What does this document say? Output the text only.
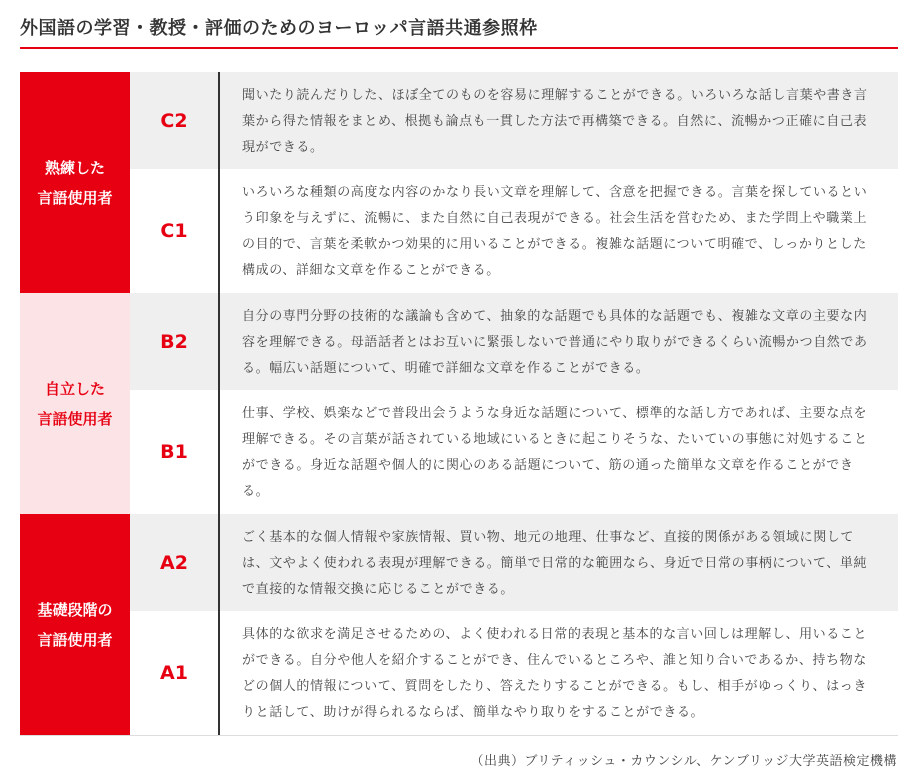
外国語の学習・教授・評価のためのヨーロッパ言語共通参照枠
熟練した
言語使用者
C2
聞いたり読んだりした、ほぼ全てのものを容易に理解することができる。いろいろな話し言葉や書き言葉から得た情報をまとめ、根拠も論点も一貫した方法で再構築できる。自然に、流暢かつ正確に自己表現ができる。
C1
いろいろな種類の高度な内容のかなり長い文章を理解して、含意を把握できる。言葉を探しているという印象を与えずに、流暢に、また自然に自己表現ができる。社会生活を営むため、また学問上や職業上の目的で、言葉を柔軟かつ効果的に用いることができる。複雑な話題について明確で、しっかりとした構成の、詳細な文章を作ることができる。
自立した
言語使用者
B2
自分の専門分野の技術的な議論も含めて、抽象的な話題でも具体的な話題でも、複雑な文章の主要な内容を理解できる。母語話者とはお互いに緊張しないで普通にやり取りができるくらい流暢かつ自然である。幅広い話題について、明確で詳細な文章を作ることができる。
B1
仕事、学校、娯楽などで普段出会うような身近な話題について、標準的な話し方であれば、主要な点を理解できる。その言葉が話されている地域にいるときに起こりそうな、たいていの事態に対処することができる。身近な話題や個人的に関心のある話題について、筋の通った簡単な文章を作ることができる。
基礎段階の
言語使用者
A2
ごく基本的な個人情報や家族情報、買い物、地元の地理、仕事など、直接的関係がある領域に関しては、文やよく使われる表現が理解できる。簡単で日常的な範囲なら、身近で日常の事柄について、単純で直接的な情報交換に応じることができる。
A1
具体的な欲求を満足させるための、よく使われる日常的表現と基本的な言い回しは理解し、用いることができる。自分や他人を紹介することができ、住んでいるところや、誰と知り合いであるか、持ち物などの個人的情報について、質問をしたり、答えたりすることができる。もし、相手がゆっくり、はっきりと話して、助けが得られるならば、簡単なやり取りをすることができる。
（出典）ブリティッシュ・カウンシル、ケンブリッジ大学英語検定機構
